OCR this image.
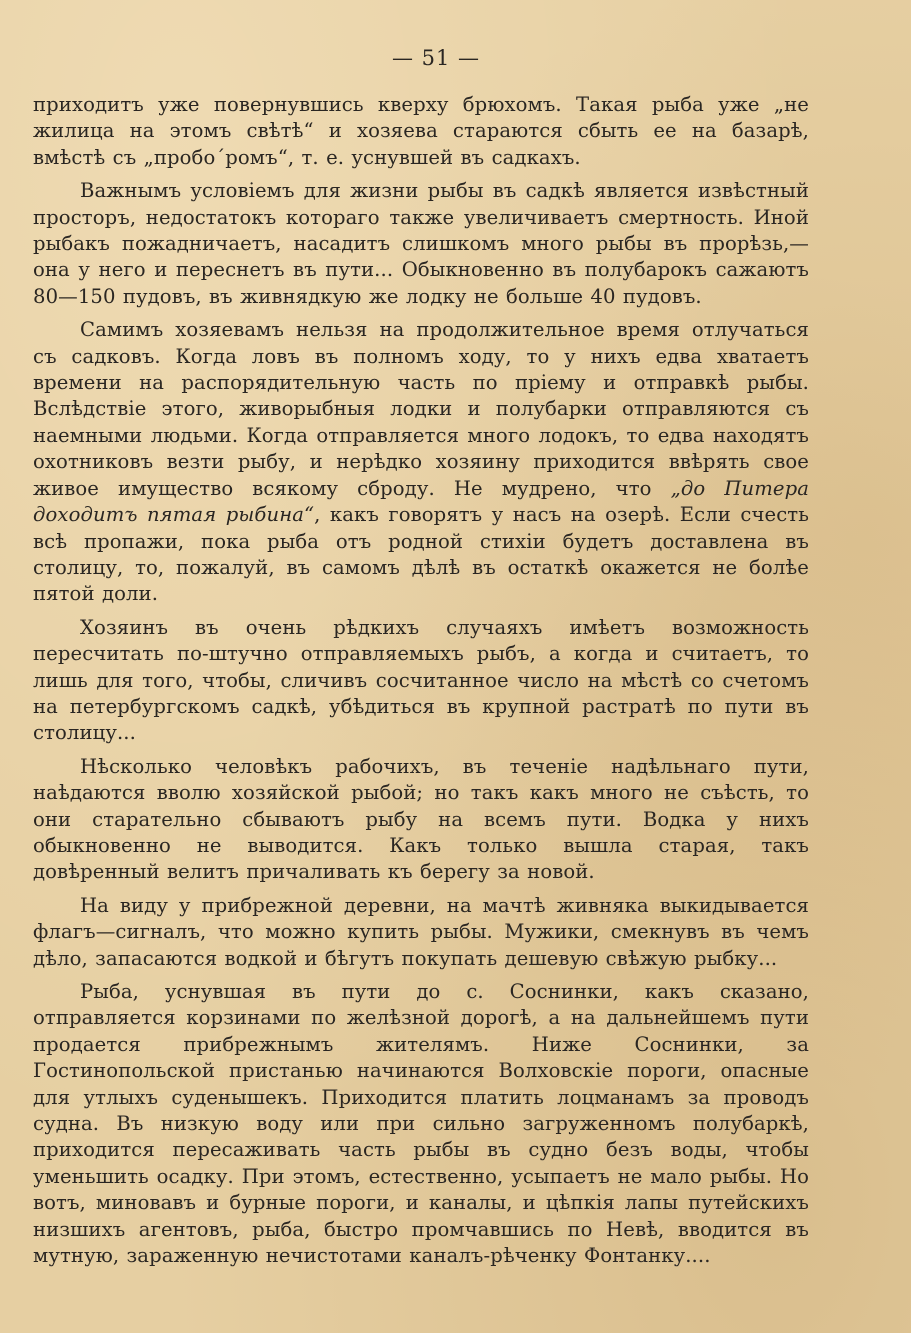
— 51 —

приходитъ уже повернувшись кверху брюхомъ. Такая рыба уже „не жилица на этомъ свѣтѣ“ и хозяева стараются сбыть ее на базарѣ, вмѣстѣ съ „пробоˊромъ“, т. е. уснувшей въ садкахъ.

Важнымъ условіемъ для жизни рыбы въ садкѣ является извѣстный просторъ, недостатокъ котораго также увеличиваетъ смертность. Иной рыбакъ пожадничаетъ, насадитъ слишкомъ много рыбы въ прорѣзь,— она у него и переснетъ въ пути... Обыкновенно въ полубарокъ сажаютъ 80—150 пудовъ, въ живнядкую же лодку не больше 40 пудовъ.

Самимъ хозяевамъ нельзя на продолжительное время отлучаться съ садковъ. Когда ловъ въ полномъ ходу, то у нихъ едва хватаетъ времени на распорядительную часть по пріему и отправкѣ рыбы. Вслѣдствіе этого, живорыбныя лодки и полубарки отправляются съ наемными людьми. Когда отправляется много лодокъ, то едва находятъ охотниковъ везти рыбу, и нерѣдко хозяину приходится ввѣрять свое живое имущество всякому сброду. Не мудрено, что „до Питера доходитъ пятая рыбина“, какъ говорятъ у насъ на озерѣ. Если счесть всѣ пропажи, пока рыба отъ родной стихіи будетъ доставлена въ столицу, то, пожалуй, въ самомъ дѣлѣ въ остаткѣ окажется не болѣе пятой доли.

Хозяинъ въ очень рѣдкихъ случаяхъ имѣетъ возможность пересчитать по-штучно отправляемыхъ рыбъ, а когда и считаетъ, то лишь для того, чтобы, сличивъ сосчитанное число на мѣстѣ со счетомъ на петербургскомъ садкѣ, убѣдиться въ крупной растратѣ по пути въ столицу...

Нѣсколько человѣкъ рабочихъ, въ теченіе надѣльнаго пути, наѣдаются вволю хозяйской рыбой; но такъ какъ много не съѣсть, то они старательно сбываютъ рыбу на всемъ пути. Водка у нихъ обыкновенно не выводится. Какъ только вышла старая, такъ довѣренный велитъ причаливать къ берегу за новой.

На виду у прибрежной деревни, на мачтѣ живняка выкидывается флагъ—сигналъ, что можно купить рыбы. Мужики, смекнувъ въ чемъ дѣло, запасаются водкой и бѣгутъ покупать дешевую свѣжую рыбку...

Рыба, уснувшая въ пути до с. Соснинки, какъ сказано, отправляется корзинами по желѣзной дорогѣ, а на дальнейшемъ пути продается прибрежнымъ жителямъ. Ниже Соснинки, за Гостинопольской пристанью начинаются Волховскіе пороги, опасные для утлыхъ суденышекъ. Приходится платить лоцманамъ за проводъ судна. Въ низкую воду или при сильно загруженномъ полубаркѣ, приходится пересаживать часть рыбы въ судно безъ воды, чтобы уменьшить осадку. При этомъ, естественно, усыпаетъ не мало рыбы. Но вотъ, миновавъ и бурные пороги, и каналы, и цѣпкія лапы путейскихъ низшихъ агентовъ, рыба, быстро промчавшись по Невѣ, вводится въ мутную, зараженную нечистотами каналъ-рѣченку Фонтанку....
